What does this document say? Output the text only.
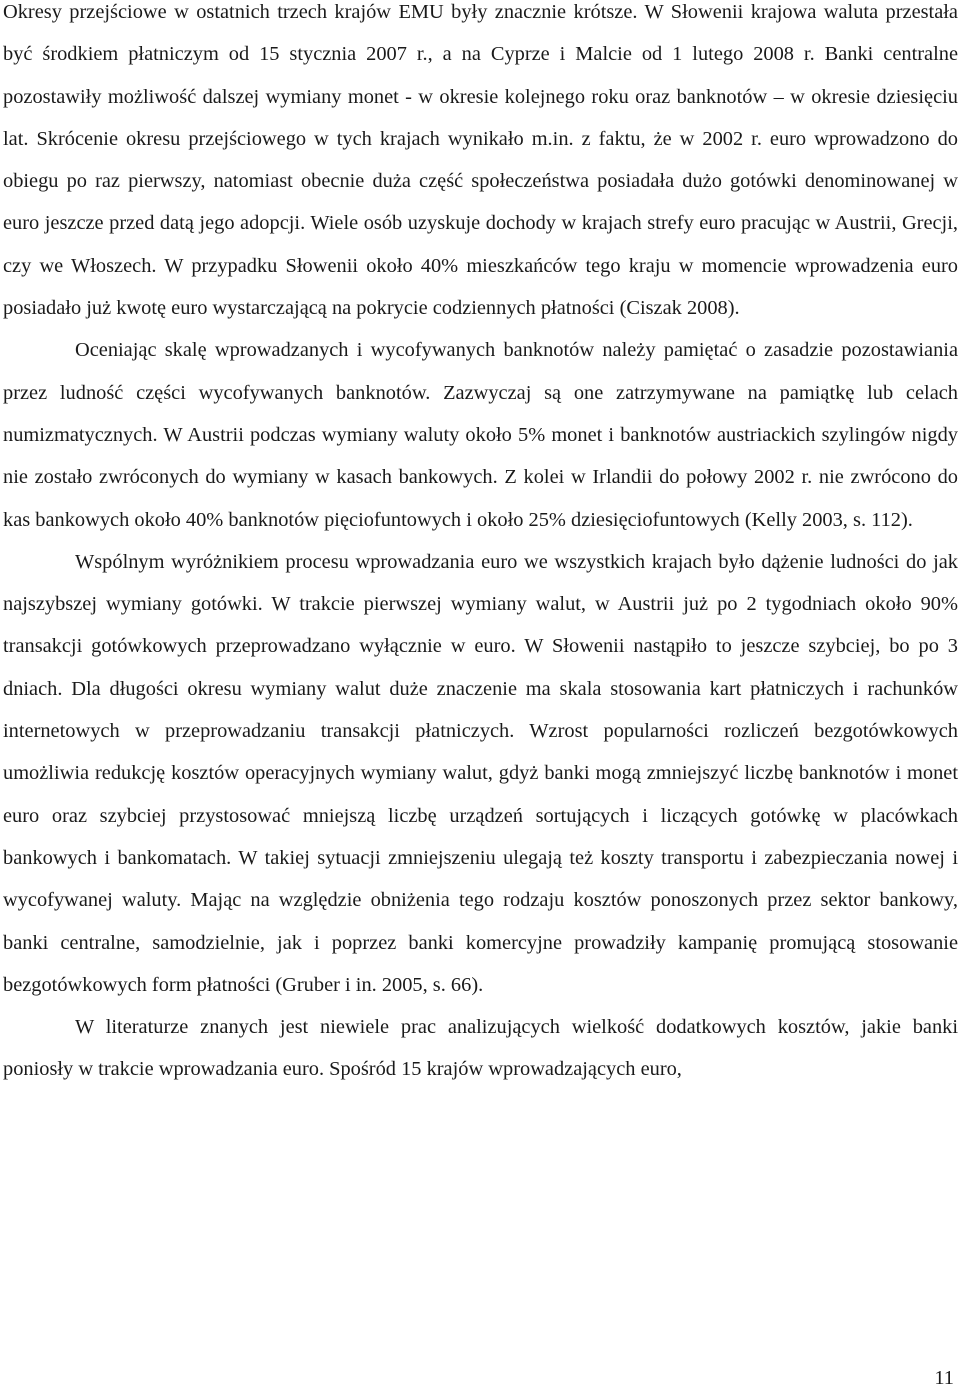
Okresy przejściowe w ostatnich trzech krajów EMU były znacznie krótsze. W Słowenii krajowa waluta przestała być środkiem płatniczym od 15 stycznia 2007 r., a na Cyprze i Malcie od 1 lutego 2008 r. Banki centralne pozostawiły możliwość dalszej wymiany monet - w okresie kolejnego roku oraz banknotów – w okresie dziesięciu lat. Skrócenie okresu przejściowego w tych krajach wynikało m.in. z faktu, że w 2002 r. euro wprowadzono do obiegu po raz pierwszy, natomiast obecnie duża część społeczeństwa posiadała dużo gotówki denominowanej w euro jeszcze przed datą jego adopcji. Wiele osób uzyskuje dochody w krajach strefy euro pracując w Austrii, Grecji, czy we Włoszech. W przypadku Słowenii około 40% mieszkańców tego kraju w momencie wprowadzenia euro posiadało już kwotę euro wystarczającą na pokrycie codziennych płatności (Ciszak 2008).

Oceniając skalę wprowadzanych i wycofywanych banknotów należy pamiętać o zasadzie pozostawiania przez ludność części wycofywanych banknotów. Zazwyczaj są one zatrzymywane na pamiątkę lub celach numizmatycznych. W Austrii podczas wymiany waluty około 5% monet i banknotów austriackich szylingów nigdy nie zostało zwróconych do wymiany w kasach bankowych. Z kolei w Irlandii do połowy 2002 r. nie zwrócono do kas bankowych około 40% banknotów pięciofuntowych i około 25% dziesięciofuntowych (Kelly 2003, s. 112).

Wspólnym wyróżnikiem procesu wprowadzania euro we wszystkich krajach było dążenie ludności do jak najszybszej wymiany gotówki. W trakcie pierwszej wymiany walut, w Austrii już po 2 tygodniach około 90% transakcji gotówkowych przeprowadzano wyłącznie w euro. W Słowenii nastąpiło to jeszcze szybciej, bo po 3 dniach. Dla długości okresu wymiany walut duże znaczenie ma skala stosowania kart płatniczych i rachunków internetowych w przeprowadzaniu transakcji płatniczych. Wzrost popularności rozliczeń bezgotówkowych umożliwia redukcję kosztów operacyjnych wymiany walut, gdyż banki mogą zmniejszyć liczbę banknotów i monet euro oraz szybciej przystosować mniejszą liczbę urządzeń sortujących i liczących gotówkę w placówkach bankowych i bankomatach. W takiej sytuacji zmniejszeniu ulegają też koszty transportu i zabezpieczania nowej i wycofywanej waluty. Mając na względzie obniżenia tego rodzaju kosztów ponoszonych przez sektor bankowy, banki centralne, samodzielnie, jak i poprzez banki komercyjne prowadziły kampanię promującą stosowanie bezgotówkowych form płatności (Gruber i in. 2005, s. 66).

W literaturze znanych jest niewiele prac analizujących wielkość dodatkowych kosztów, jakie banki poniosły w trakcie wprowadzania euro. Spośród 15 krajów wprowadzających euro,

11
